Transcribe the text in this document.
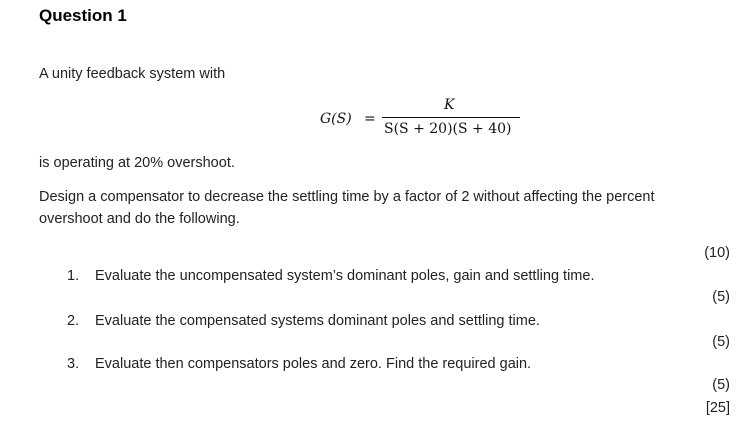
Question 1
A unity feedback system with
G(S) =
K
S(S + 20)(S + 40)
is operating at 20% overshoot.
Design a compensator to decrease the settling time by a factor of 2 without affecting the percent
overshoot and do the following.
1. Evaluate the uncompensated system’s dominant poles, gain and settling time.
2. Evaluate the compensated systems dominant poles and settling time.
3. Evaluate then compensators poles and zero. Find the required gain.
(10)
(5)
(5)
(5)
[25]
